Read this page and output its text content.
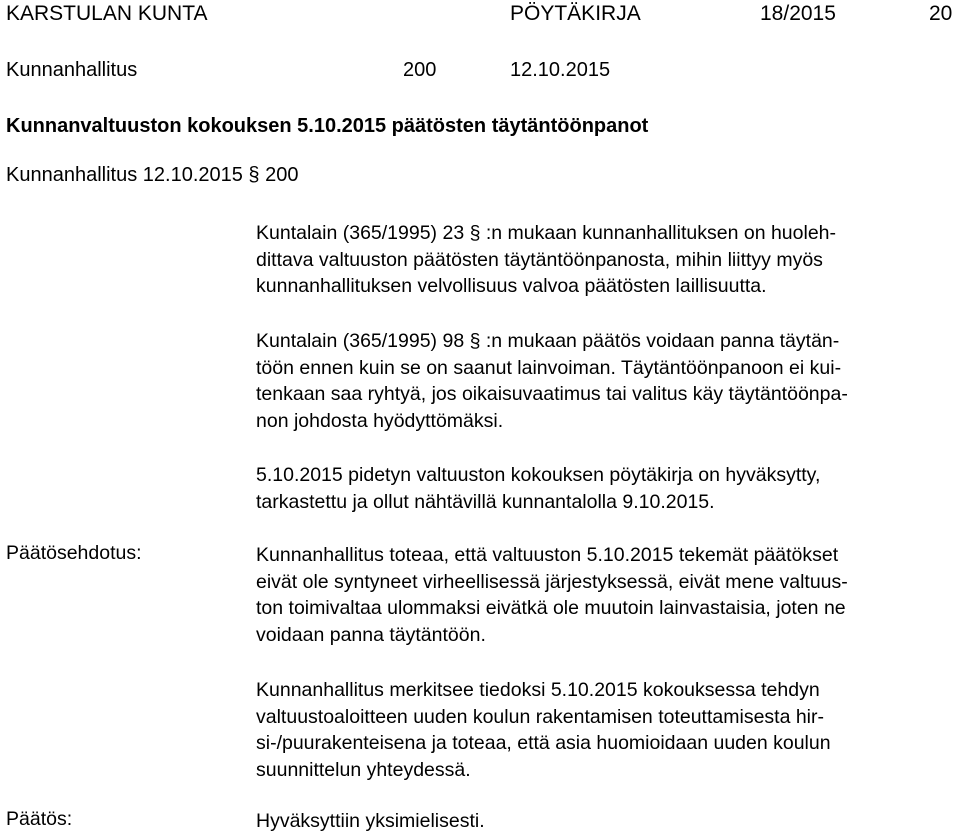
KARSTULAN KUNTA	PÖYTÄKIRJA	18/2015	20
Kunnanhallitus	200	12.10.2015
Kunnanvaltuuston kokouksen 5.10.2015 päätösten täytäntöönpanot
Kunnanhallitus 12.10.2015 § 200
Kuntalain (365/1995) 23 § :n mukaan kunnanhallituksen on huoleh-
dittava valtuuston päätösten täytäntöönpanosta, mihin liittyy myös
kunnanhallituksen velvollisuus valvoa päätösten laillisuutta.
Kuntalain (365/1995) 98 § :n mukaan päätös voidaan panna täytän-
töön ennen kuin se on saanut lainvoiman. Täytäntöönpanoon ei kui-
tenkaan saa ryhtyä, jos oikaisuvaatimus tai valitus käy täytäntöönpa-
non johdosta hyödyttömäksi.
5.10.2015 pidetyn valtuuston kokouksen pöytäkirja on hyväksytty,
tarkastettu ja ollut nähtävillä kunnantalolla 9.10.2015.
Päätösehdotus:	Kunnanhallitus toteaa, että valtuuston 5.10.2015 tekemät päätökset
eivät ole syntyneet virheellisessä järjestyksessä, eivät mene valtuus-
ton toimivaltaa ulommaksi eivätkä ole muutoin lainvastaisia, joten ne
voidaan panna täytäntöön.
Kunnanhallitus merkitsee tiedoksi 5.10.2015 kokouksessa tehdyn
valtuustoaloitteen uuden koulun rakentamisen toteuttamisesta hir-
si-/puurakenteisena ja toteaa, että asia huomioidaan uuden koulun
suunnittelun yhteydessä.
Päätös:	Hyväksyttiin yksimielisesti.
